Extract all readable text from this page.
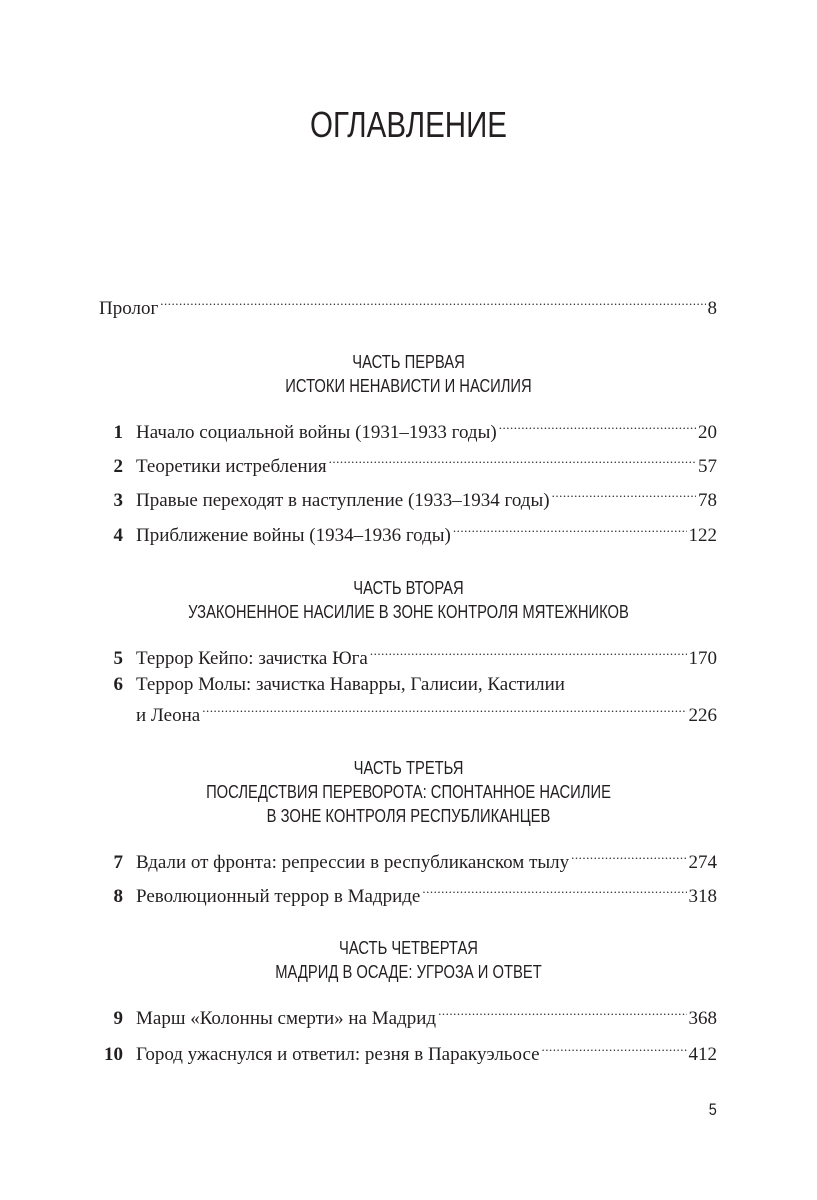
ОГЛАВЛЕНИЕ
Пролог .....	8
ЧАСТЬ ПЕРВАЯ
ИСТОКИ НЕНАВИСТИ И НАСИЛИЯ
1 Начало социальной войны (1931–1933 годы) .....	20
2 Теоретики истребления .....	57
3 Правые переходят в наступление (1933–1934 годы) .....	78
4 Приближение войны (1934–1936 годы) .....	122
ЧАСТЬ ВТОРАЯ
УЗАКОНЕННОЕ НАСИЛИЕ В ЗОНЕ КОНТРОЛЯ МЯТЕЖНИКОВ
5 Террор Кейпо: зачистка Юга .....	170
6 Террор Молы: зачистка Наварры, Галисии, Кастилии
и Леона .....	226
ЧАСТЬ ТРЕТЬЯ
ПОСЛЕДСТВИЯ ПЕРЕВОРОТА: СПОНТАННОЕ НАСИЛИЕ
В ЗОНЕ КОНТРОЛЯ РЕСПУБЛИКАНЦЕВ
7 Вдали от фронта: репрессии в республиканском тылу .....	274
8 Революционный террор в Мадриде .....	318
ЧАСТЬ ЧЕТВЕРТАЯ
МАДРИД В ОСАДЕ: УГРОЗА И ОТВЕТ
9 Марш «Колонны смерти» на Мадрид .....	368
10 Город ужаснулся и ответил: резня в Паракуэльосе .....	412
5
